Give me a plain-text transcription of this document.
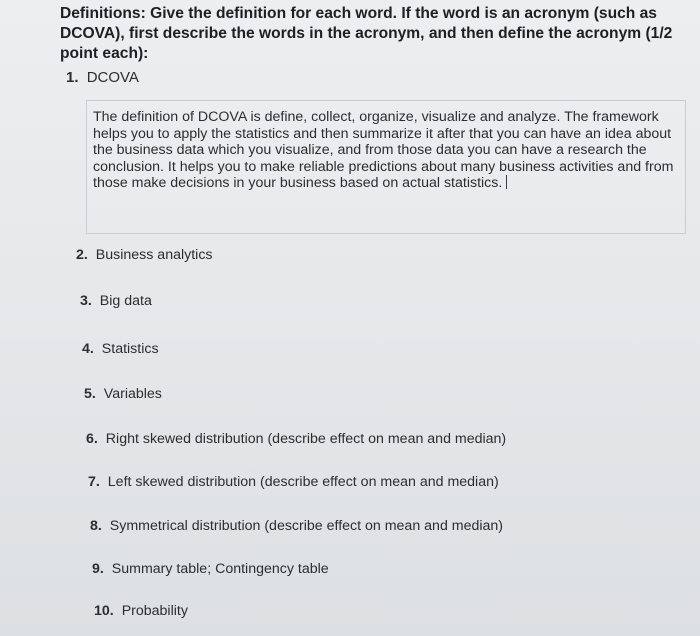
Definitions: Give the definition for each word. If the word is an acronym (such as DCOVA), first describe the words in the acronym, and then define the acronym (1/2 point each):
1. DCOVA
The definition of DCOVA is define, collect, organize, visualize and analyze. The framework helps you to apply the statistics and then summarize it after that you can have an idea about the business data which you visualize, and from those data you can have a research the conclusion. It helps you to make reliable predictions about many business activities and from those make decisions in your business based on actual statistics.
2. Business analytics
3. Big data
4. Statistics
5. Variables
6. Right skewed distribution (describe effect on mean and median)
7. Left skewed distribution (describe effect on mean and median)
8. Symmetrical distribution (describe effect on mean and median)
9. Summary table; Contingency table
10. Probability
